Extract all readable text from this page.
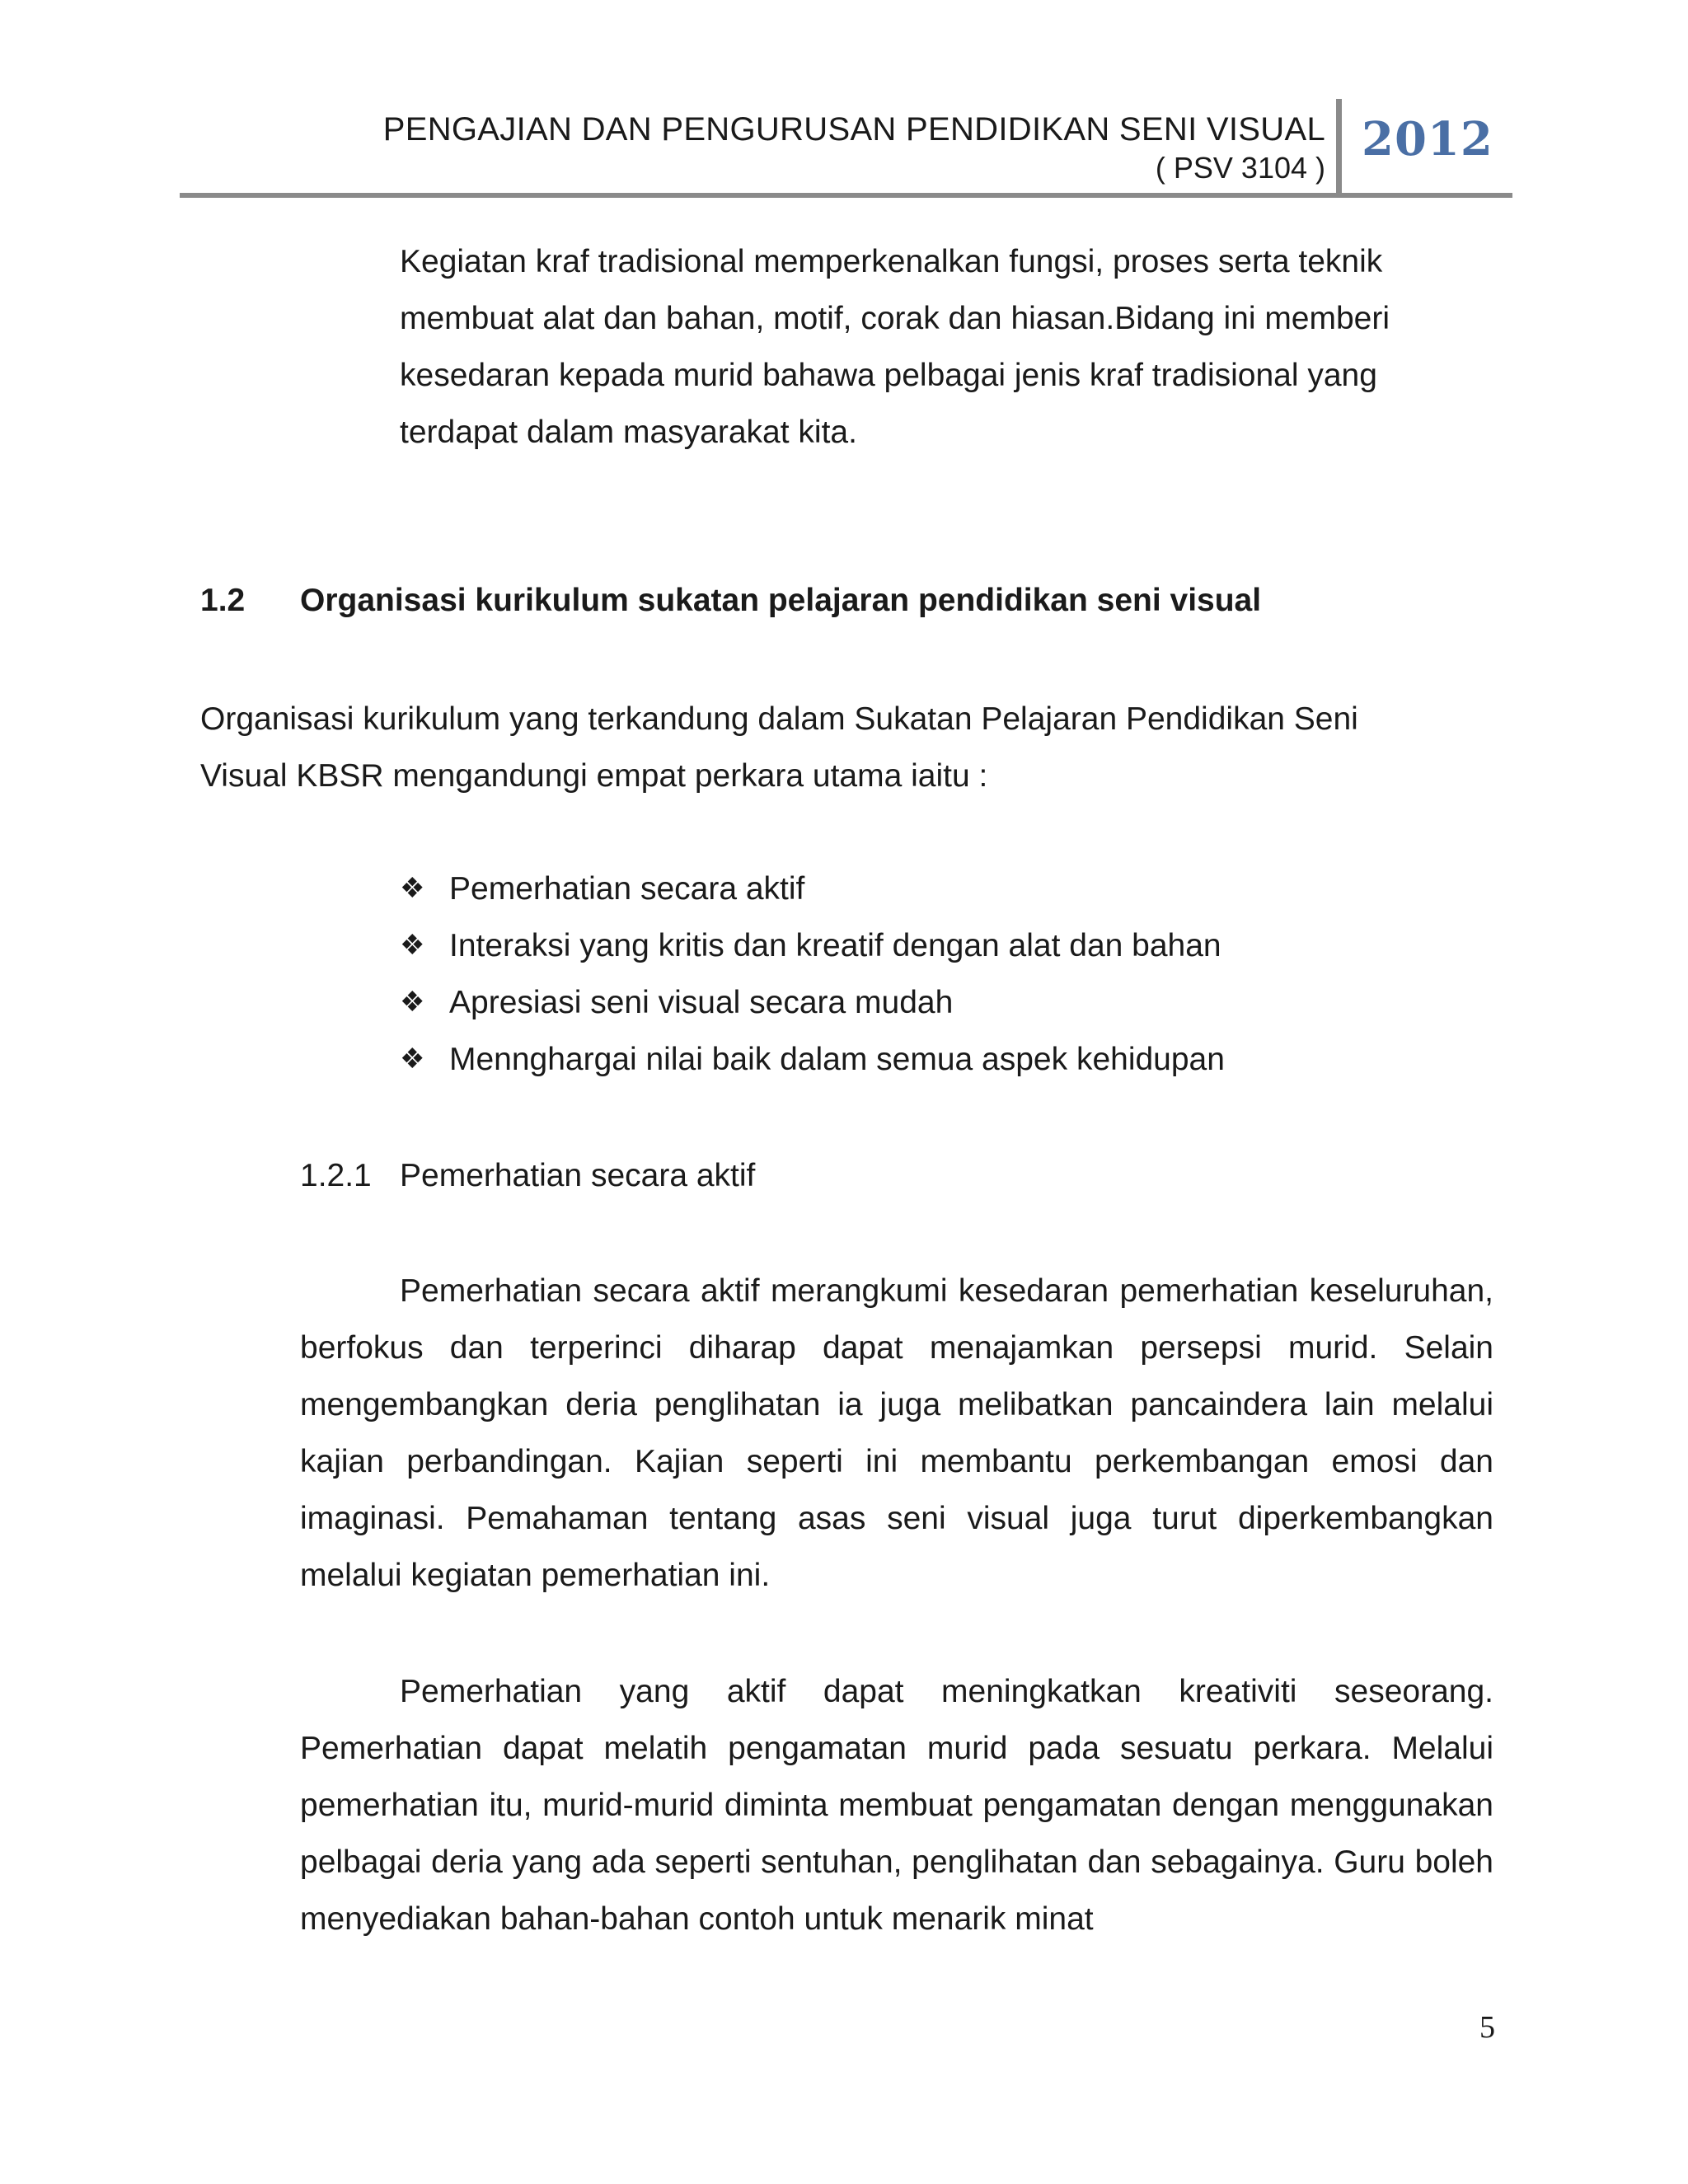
PENGAJIAN DAN PENGURUSAN PENDIDIKAN SENI VISUAL
( PSV 3104 )
2012

Kegiatan kraf tradisional memperkenalkan fungsi, proses serta teknik membuat alat dan bahan, motif, corak dan hiasan.Bidang ini memberi kesedaran kepada murid bahawa pelbagai jenis kraf tradisional yang terdapat dalam masyarakat kita.

1.2 Organisasi kurikulum sukatan pelajaran pendidikan seni visual

Organisasi kurikulum yang terkandung dalam Sukatan Pelajaran Pendidikan Seni Visual KBSR mengandungi empat perkara utama iaitu :

❖ Pemerhatian secara aktif
❖ Interaksi yang kritis dan kreatif dengan alat dan bahan
❖ Apresiasi seni visual secara mudah
❖ Mennghargai nilai baik dalam semua aspek kehidupan
1.2.1 Pemerhatian secara aktif

Pemerhatian secara aktif merangkumi kesedaran pemerhatian keseluruhan, berfokus dan terperinci diharap dapat menajamkan persepsi murid. Selain mengembangkan deria penglihatan ia juga melibatkan pancaindera lain melalui kajian perbandingan. Kajian seperti ini membantu perkembangan emosi dan imaginasi. Pemahaman tentang asas seni visual juga turut diperkembangkan melalui kegiatan pemerhatian ini.

Pemerhatian yang aktif dapat meningkatkan kreativiti seseorang. Pemerhatian dapat melatih pengamatan murid pada sesuatu perkara. Melalui pemerhatian itu, murid-murid diminta membuat pengamatan dengan menggunakan pelbagai deria yang ada seperti sentuhan, penglihatan dan sebagainya. Guru boleh menyediakan bahan-bahan contoh untuk menarik minat

5
